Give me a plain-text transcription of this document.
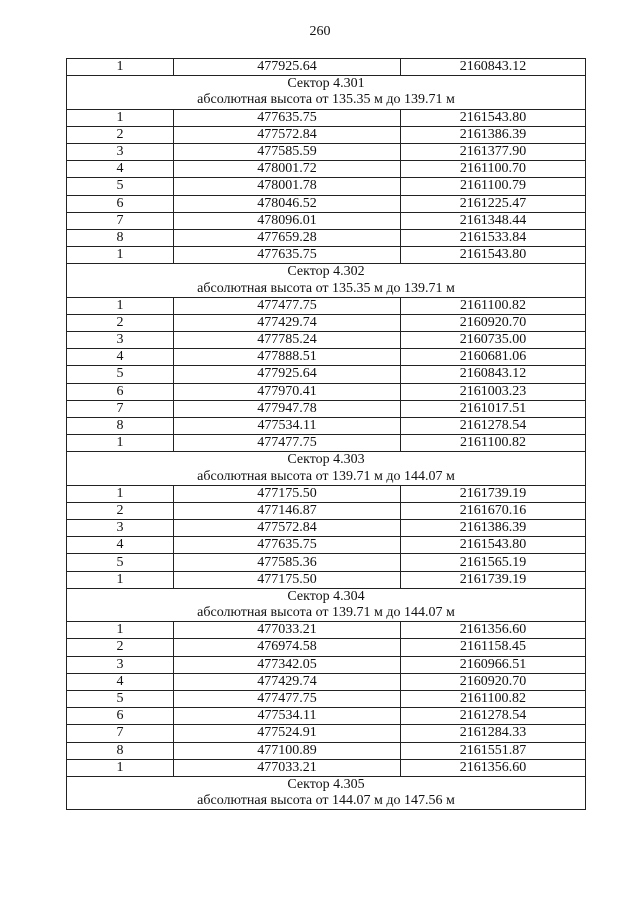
260
1	477925.64	2160843.12
Сектор 4.301		
абсолютная высота от 135.35 м до 139.71 м		
1	477635.75	2161543.80
2	477572.84	2161386.39
3	477585.59	2161377.90
4	478001.72	2161100.70
5	478001.78	2161100.79
6	478046.52	2161225.47
7	478096.01	2161348.44
8	477659.28	2161533.84
1	477635.75	2161543.80
Сектор 4.302		
абсолютная высота от 135.35 м до 139.71 м		
1	477477.75	2161100.82
2	477429.74	2160920.70
3	477785.24	2160735.00
4	477888.51	2160681.06
5	477925.64	2160843.12
6	477970.41	2161003.23
7	477947.78	2161017.51
8	477534.11	2161278.54
1	477477.75	2161100.82
Сектор 4.303		
абсолютная высота от 139.71 м до 144.07 м		
1	477175.50	2161739.19
2	477146.87	2161670.16
3	477572.84	2161386.39
4	477635.75	2161543.80
5	477585.36	2161565.19
1	477175.50	2161739.19
Сектор 4.304		
абсолютная высота от 139.71 м до 144.07 м		
1	477033.21	2161356.60
2	476974.58	2161158.45
3	477342.05	2160966.51
4	477429.74	2160920.70
5	477477.75	2161100.82
6	477534.11	2161278.54
7	477524.91	2161284.33
8	477100.89	2161551.87
1	477033.21	2161356.60
Сектор 4.305		
абсолютная высота от 144.07 м до 147.56 м		
